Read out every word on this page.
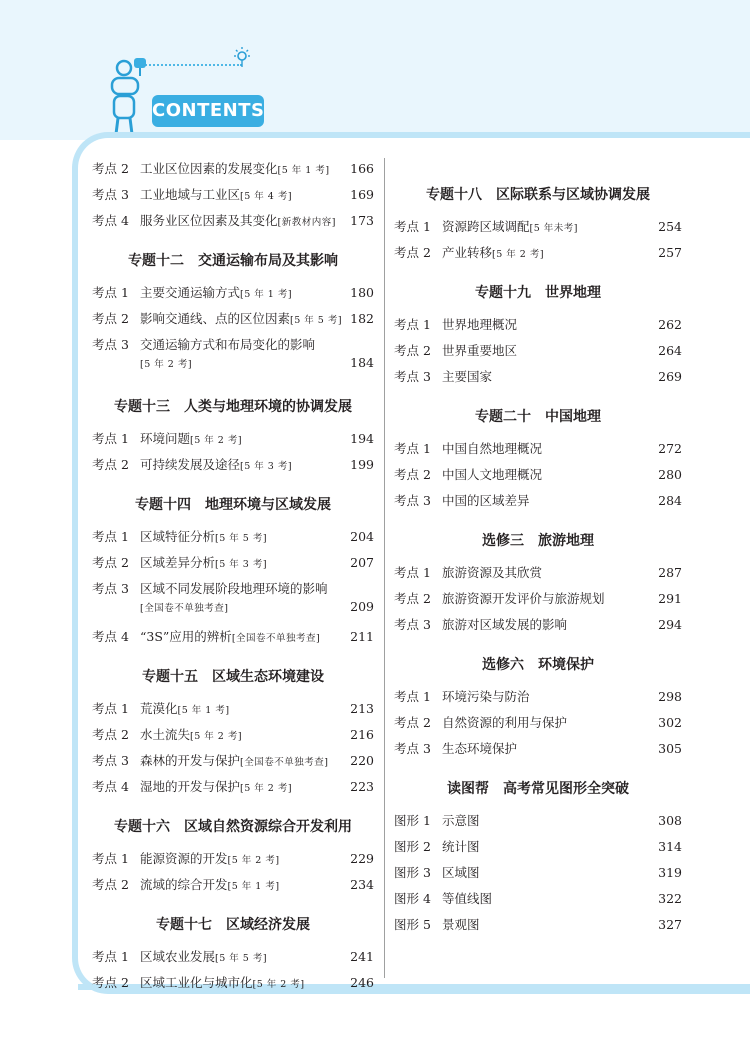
CONTENTS
考点 2 工业区位因素的发展变化[5 年 1 考]	166
考点 3 工业地域与工业区[5 年 4 考]	169
考点 4 服务业区位因素及其变化[新教材内容]	173
专题十二 交通运输布局及其影响
考点 1 主要交通运输方式[5 年 1 考]	180
考点 2 影响交通线、点的区位因素[5 年 5 考] 182
考点 3 交通运输方式和布局变化的影响
[5 年 2 考]	184
专题十三 人类与地理环境的协调发展
考点 1 环境问题[5 年 2 考]	194
考点 2 可持续发展及途径[5 年 3 考]	199
专题十四 地理环境与区域发展
考点 1 区域特征分析[5 年 5 考]	204
考点 2 区域差异分析[5 年 3 考]	207
考点 3 区域不同发展阶段地理环境的影响
[全国卷不单独考查]	209
考点 4 “3S”应用的辨析[全国卷不单独考查]	211
专题十五 区域生态环境建设
考点 1 荒漠化[5 年 1 考]	213
考点 2 水土流失[5 年 2 考]	216
考点 3 森林的开发与保护[全国卷不单独考查]	220
考点 4 湿地的开发与保护[5 年 2 考]	223
专题十六 区域自然资源综合开发利用
考点 1 能源资源的开发[5 年 2 考]	229
考点 2 流域的综合开发[5 年 1 考]	234
专题十七 区域经济发展
考点 1 区域农业发展[5 年 5 考]	241
考点 2 区域工业化与城市化[5 年 2 考]	246
专题十八 区际联系与区域协调发展
考点 1 资源跨区域调配[5 年未考]	254
考点 2 产业转移[5 年 2 考]	257
专题十九 世界地理
考点 1 世界地理概况	262
考点 2 世界重要地区	264
考点 3 主要国家	269
专题二十 中国地理
考点 1 中国自然地理概况	272
考点 2 中国人文地理概况	280
考点 3 中国的区域差异	284
选修三 旅游地理
考点 1 旅游资源及其欣赏	287
考点 2 旅游资源开发评价与旅游规划	291
考点 3 旅游对区域发展的影响	294
选修六 环境保护
考点 1 环境污染与防治	298
考点 2 自然资源的利用与保护	302
考点 3 生态环境保护	305
读图帮 高考常见图形全突破
图形 1 示意图	308
图形 2 统计图	314
图形 3 区域图	319
图形 4 等值线图	322
图形 5 景观图	327
